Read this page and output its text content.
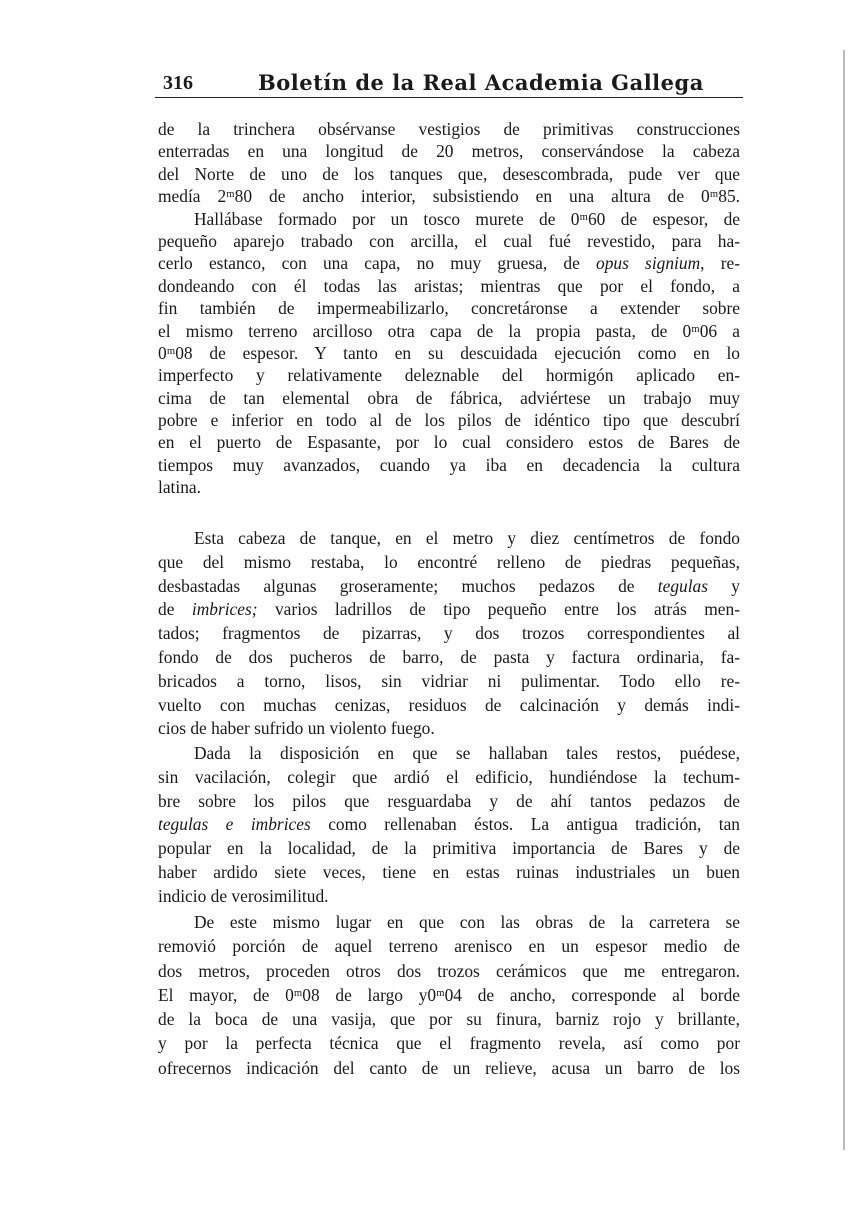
316	Boletín de la Real Academia Gallega
de la trinchera obsérvanse vestigios de primitivas construcciones
enterradas en una longitud de 20 metros, conservándose la cabeza
del Norte de uno de los tanques que, desescombrada, pude ver que
medía 2ᵐ80 de ancho interior, subsistiendo en una altura de 0ᵐ85.
Hallábase formado por un tosco murete de 0ᵐ60 de espesor, de
pequeño aparejo trabado con arcilla, el cual fué revestido, para ha-
cerlo estanco, con una capa, no muy gruesa, de opus signium, re-
dondeando con él todas las aristas; mientras que por el fondo, a
fin también de impermeabilizarlo, concretáronse a extender sobre
el mismo terreno arcilloso otra capa de la propia pasta, de 0ᵐ06 a
0ᵐ08 de espesor. Y tanto en su descuidada ejecución como en lo
imperfecto y relativamente deleznable del hormigón aplicado en-
cima de tan elemental obra de fábrica, adviértese un trabajo muy
pobre e inferior en todo al de los pilos de idéntico tipo que descubrí
en el puerto de Espasante, por lo cual considero estos de Bares de
tiempos muy avanzados, cuando ya iba en decadencia la cultura
latina.
Esta cabeza de tanque, en el metro y diez centímetros de fondo
que del mismo restaba, lo encontré relleno de piedras pequeñas,
desbastadas algunas groseramente; muchos pedazos de tegulas y
de imbrices; varios ladrillos de tipo pequeño entre los atrás men-
tados; fragmentos de pizarras, y dos trozos correspondientes al
fondo de dos pucheros de barro, de pasta y factura ordinaria, fa-
bricados a torno, lisos, sin vidriar ni pulimentar. Todo ello re-
vuelto con muchas cenizas, residuos de calcinación y demás indi-
cios de haber sufrido un violento fuego.
Dada la disposición en que se hallaban tales restos, puédese,
sin vacilación, colegir que ardió el edificio, hundiéndose la techum-
bre sobre los pilos que resguardaba y de ahí tantos pedazos de
tegulas e imbrices como rellenaban éstos. La antigua tradición, tan
popular en la localidad, de la primitiva importancia de Bares y de
haber ardido siete veces, tiene en estas ruinas industriales un buen
indicio de verosimilitud.
De este mismo lugar en que con las obras de la carretera se
removió porción de aquel terreno arenisco en un espesor medio de
dos metros, proceden otros dos trozos cerámicos que me entregaron.
El mayor, de 0ᵐ08 de largo y0ᵐ04 de ancho, corresponde al borde
de la boca de una vasija, que por su finura, barniz rojo y brillante,
y por la perfecta técnica que el fragmento revela, así como por
ofrecernos indicación del canto de un relieve, acusa un barro de los
